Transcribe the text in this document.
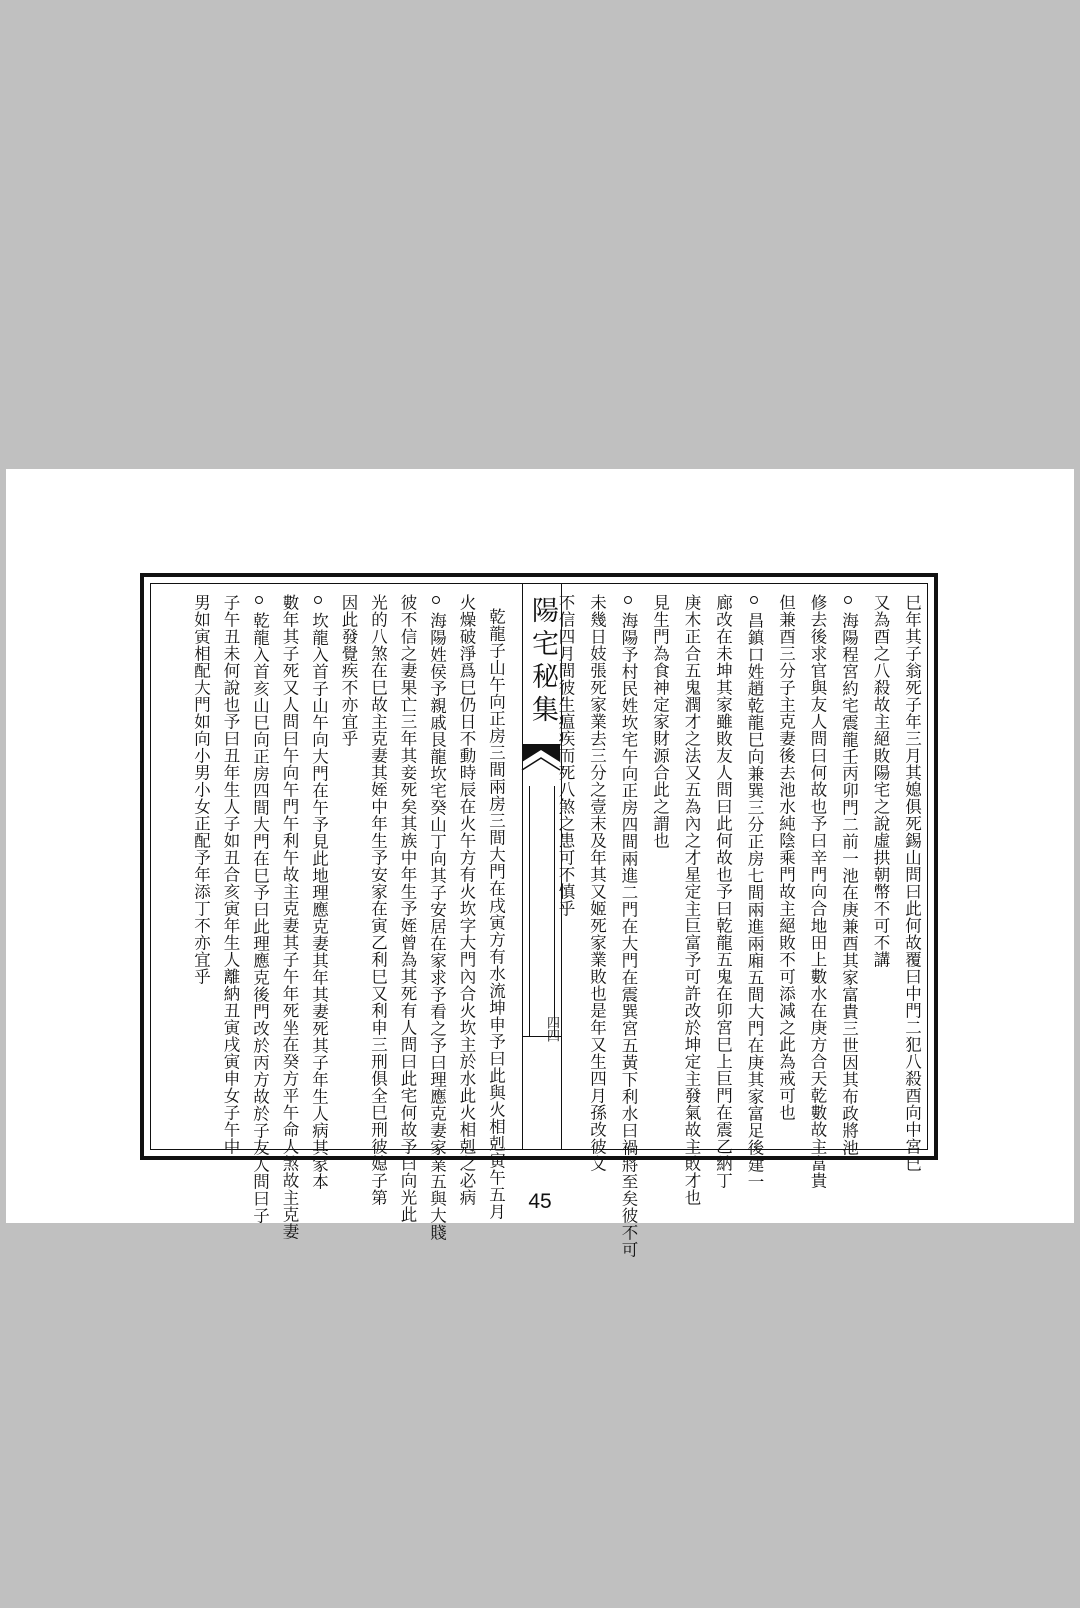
陽宅秘集
四四	巳年其子翁死子年三月其媳俱死錫山問曰此何故覆曰中門二犯八殺酉向中宮巳
又為酉之八殺故主絕敗陽宅之說虛拱朝幣不可不講
海陽程宮約宅震龍壬丙卯門二前一池在庚兼酉其家富貴三世因其布政將池
修去後求官與友人問曰何故也予曰辛門向合地田上數水在庚方合天乾數故主富貴
但兼酉三分子主克妻後去池水純陰乘門故主絕敗不可添减之此為戒可也
昌鎮口姓趙乾龍巳向兼巽三分正房七間兩進兩廂五間大門在庚其家富足後建一
廊改在未坤其家雖敗友人問曰此何故也予曰乾龍五鬼在卯宮巳上巨門在震乙納丁
庚木正合五鬼潤才之法又五為內之才星定主巨富予可許改於坤定主發氣故主敗才也
見生門為食神定家財源合此之謂也
海陽予村民姓坎宅午向正房四間兩進二門在大門在震巽宮五黃下利水曰禍將至矣彼不可
未幾日妓張死家業去三分之壹末及年其又姬死家業敗也是年又生四月孫改彼文
不信四月間彼生瘟疾而死八煞之患可不慎乎
乾龍子山午向正房三間兩房三間大門在戌寅方有水流坤申予曰此與火相剋寅午五月
火燥破淨爲巳仍日不動時辰在火午方有火坎字大門內合火坎主於水此火相剋之必病
海陽姓侯予親戚艮龍坎宅癸山丁向其子安居在家求予看之予曰理應克妻家業五與大賤
彼不信之妻果亡三年其妾死矣其族中年生予姪曾為其死有人問曰此宅何故予曰向光此
光的八煞在巳故主克妻其姪中年生予安家在寅乙利巳又利申三刑俱全巳刑彼媳子第
因此發覺疾不亦宜乎
坎龍入首子山午向大門在午予見此地理應克妻其年其妻死其子年生人病其家本
數年其子死又人問曰午向午門午利午故主克妻其子午年死坐在癸方平午命人煞故主克妻
乾龍入首亥山巳向正房四間大門在巳予曰此理應克後門改於丙方故於子友人問曰子
子午丑未何說也予曰丑年生人子如丑合亥寅年生人離納丑寅戌寅申女子午中
男如寅相配大門如向小男小女正配予年添丁不亦宜乎
45
